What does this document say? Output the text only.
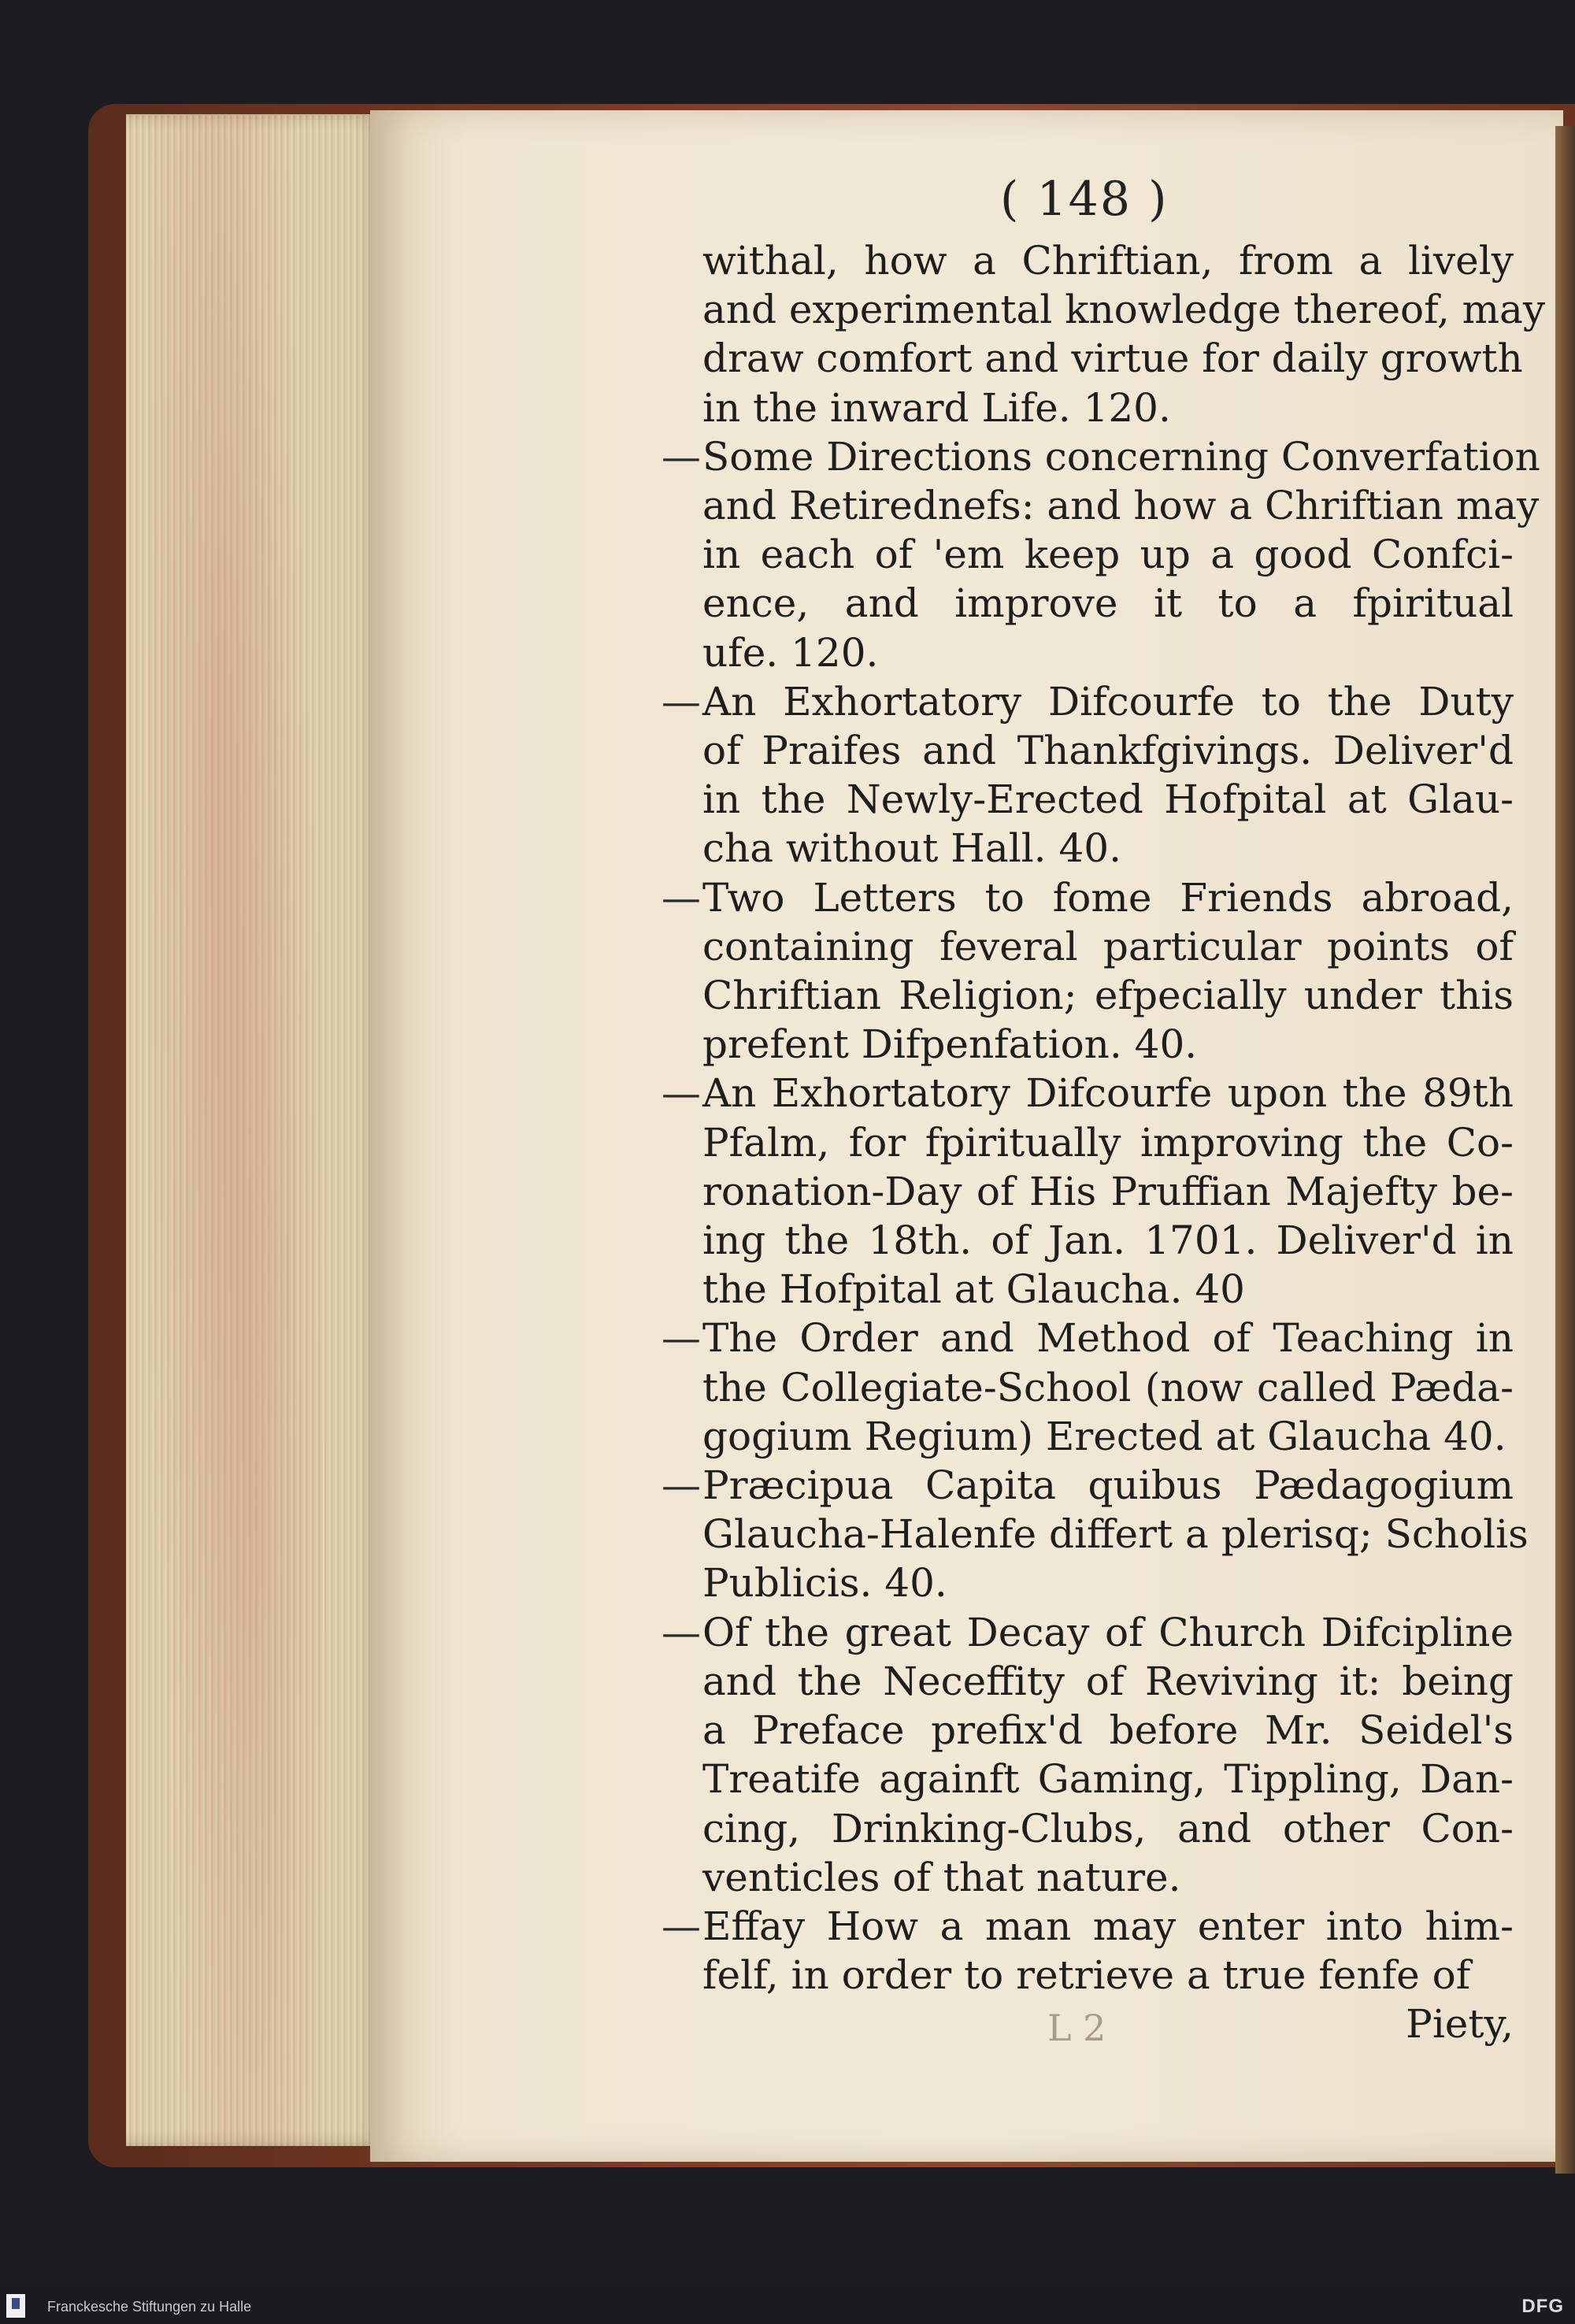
( 148 )
withal, how a Chriftian, from a lively
and experimental knowledge thereof, may
draw comfort and virtue for daily growth
in the inward Life. 120.
— Some Directions concerning Converfation
and Retirednefs: and how a Chriftian may
in each of 'em keep up a good Confci-
ence, and improve it to a fpiritual
ufe. 120.
— An Exhortatory Difcourfe to the Duty
of Praifes and Thankfgivings. Deliver'd
in the Newly-Erected Hofpital at Glau-
cha without Hall. 40.
— Two Letters to fome Friends abroad,
containing feveral particular points of
Chriftian Religion; efpecially under this
prefent Difpenfation. 40.
— An Exhortatory Difcourfe upon the 89th
Pfalm, for fpiritually improving the Co-
ronation-Day of His Pruffian Majefty be-
ing the 18th. of Jan. 1701. Deliver'd in
the Hofpital at Glaucha. 40
— The Order and Method of Teaching in
the Collegiate-School (now called Pæda-
gogium Regium) Erected at Glaucha 40.
— Præcipua Capita quibus Pædagogium
Glaucha-Halenfe differt a plerisq; Scholis
Publicis. 40.
— Of the great Decay of Church Difcipline
and the Neceffity of Reviving it: being
a Preface prefix'd before Mr. Seidel's
Treatife againft Gaming, Tippling, Dan-
cing, Drinking-Clubs, and other Con-
venticles of that nature.
— Effay How a man may enter into him-
felf, in order to retrieve a true fenfe of
Piety,
L 2
Franckesche Stiftungen zu Halle	DFG
